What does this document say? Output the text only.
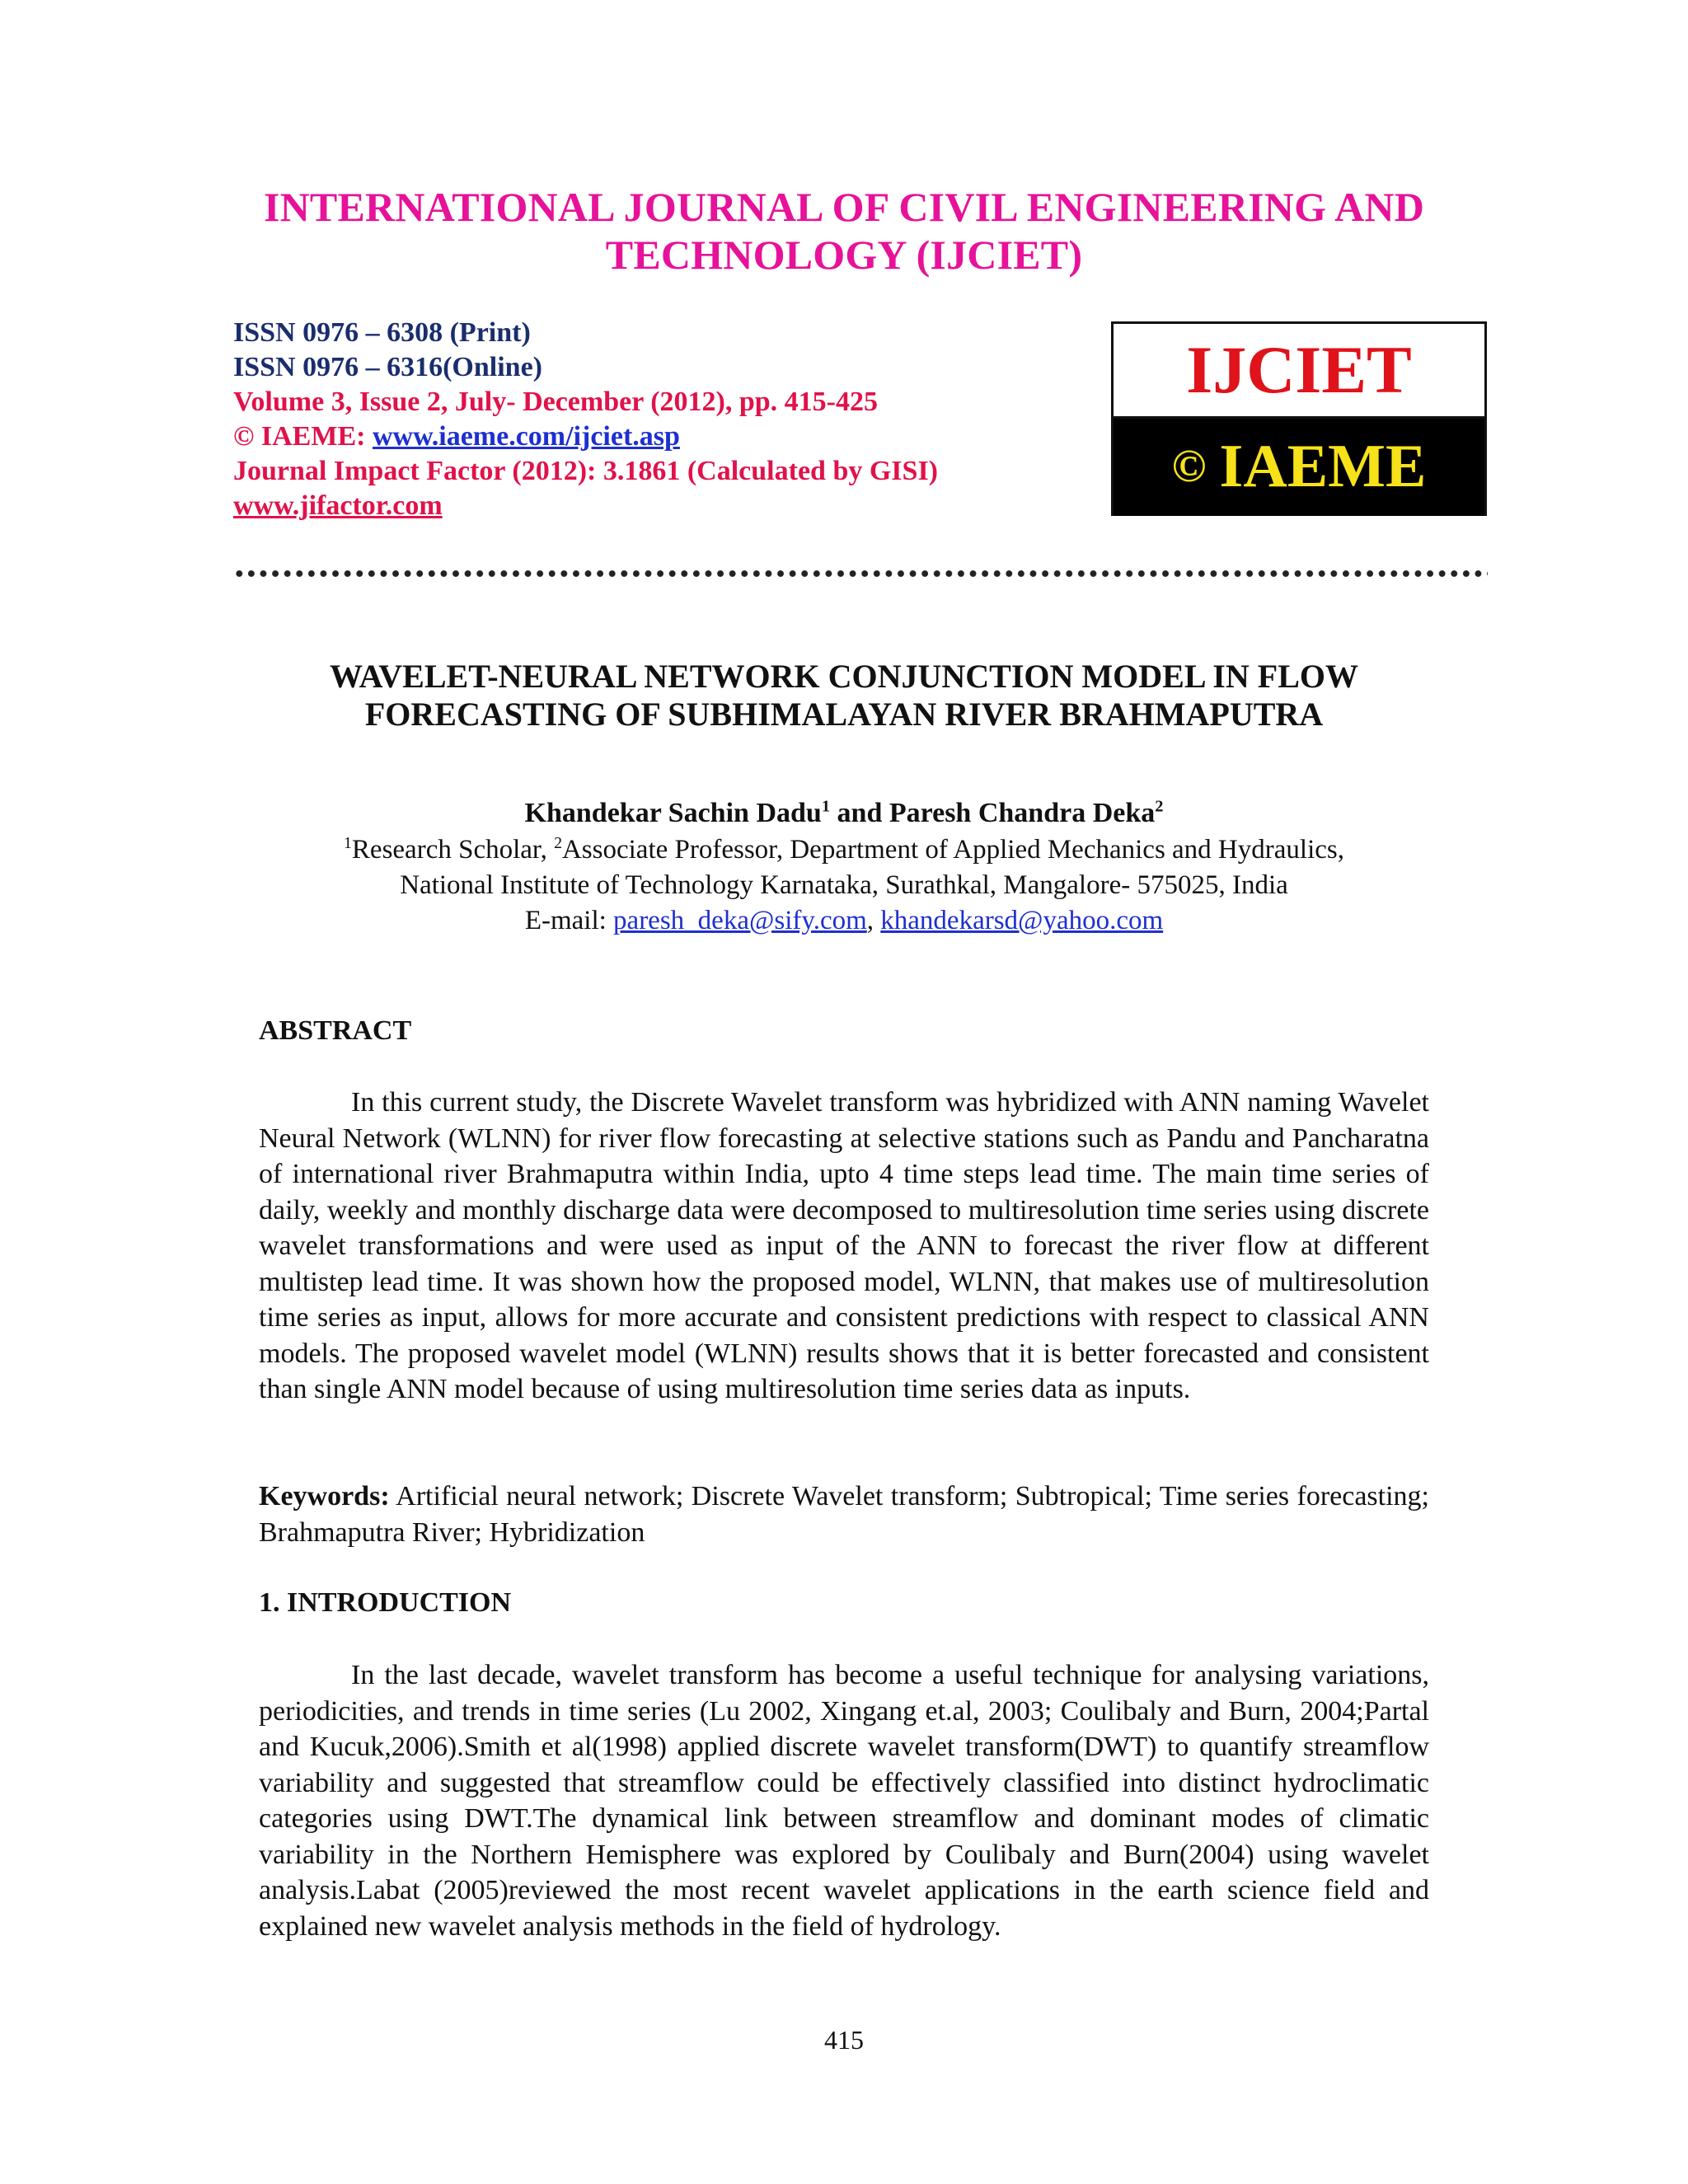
INTERNATIONAL JOURNAL OF CIVIL ENGINEERING AND
TECHNOLOGY (IJCIET)
ISSN 0976 – 6308 (Print)
ISSN 0976 – 6316(Online)
Volume 3, Issue 2, July- December (2012), pp. 415-425
© IAEME: www.iaeme.com/ijciet.asp
Journal Impact Factor (2012): 3.1861 (Calculated by GISI)
www.jifactor.com
IJCIET
© IAEME
WAVELET-NEURAL NETWORK CONJUNCTION MODEL IN FLOW
FORECASTING OF SUBHIMALAYAN RIVER BRAHMAPUTRA
Khandekar Sachin Dadu$^1$ and Paresh Chandra Deka$^2$
$^1$Research Scholar, $^2$Associate Professor, Department of Applied Mechanics and Hydraulics,
National Institute of Technology Karnataka, Surathkal, Mangalore- 575025, India
E-mail: paresh_deka@sify.com, khandekarsd@yahoo.com
ABSTRACT
In this current study, the Discrete Wavelet transform was hybridized with ANN naming Wavelet Neural Network (WLNN) for river flow forecasting at selective stations such as Pandu and Pancharatna of international river Brahmaputra within India, upto 4 time steps lead time. The main time series of daily, weekly and monthly discharge data were decomposed to multiresolution time series using discrete wavelet transformations and were used as input of the ANN to forecast the river flow at different multistep lead time. It was shown how the proposed model, WLNN, that makes use of multiresolution time series as input, allows for more accurate and consistent predictions with respect to classical ANN models. The proposed wavelet model (WLNN) results shows that it is better forecasted and consistent than single ANN model because of using multiresolution time series data as inputs.
Keywords: Artificial neural network; Discrete Wavelet transform; Subtropical; Time series forecasting; Brahmaputra River; Hybridization
1. INTRODUCTION
In the last decade, wavelet transform has become a useful technique for analysing variations, periodicities, and trends in time series (Lu 2002, Xingang et.al, 2003; Coulibaly and Burn, 2004;Partal and Kucuk,2006).Smith et al(1998) applied discrete wavelet transform(DWT) to quantify streamflow variability and suggested that streamflow could be effectively classified into distinct hydroclimatic categories using DWT.The dynamical link between streamflow and dominant modes of climatic variability in the Northern Hemisphere was explored by Coulibaly and Burn(2004) using wavelet analysis.Labat (2005)reviewed the most recent wavelet applications in the earth science field and explained new wavelet analysis methods in the field of hydrology.
415
